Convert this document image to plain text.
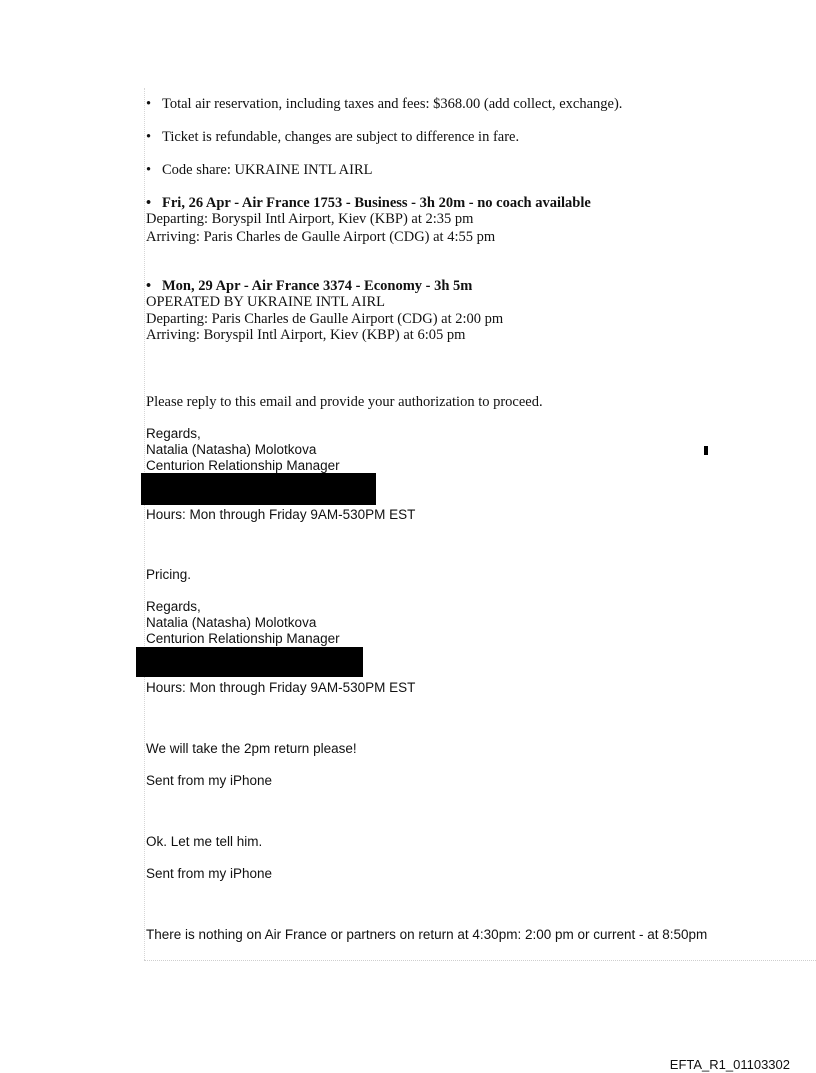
• Total air reservation, including taxes and fees: $368.00 (add collect, exchange).
• Ticket is refundable, changes are subject to difference in fare.
• Code share: UKRAINE INTL AIRL
• Fri, 26 Apr - Air France 1753 - Business - 3h 20m - no coach available
Departing: Boryspil Intl Airport, Kiev (KBP) at 2:35 pm
Arriving: Paris Charles de Gaulle Airport (CDG) at 4:55 pm
• Mon, 29 Apr - Air France 3374 - Economy - 3h 5m
OPERATED BY UKRAINE INTL AIRL
Departing: Paris Charles de Gaulle Airport (CDG) at 2:00 pm
Arriving: Boryspil Intl Airport, Kiev (KBP) at 6:05 pm
Please reply to this email and provide your authorization to proceed.
Regards,
Natalia (Natasha) Molotkova
Centurion Relationship Manager
Hours: Mon through Friday 9AM-530PM EST
Pricing.
Regards,
Natalia (Natasha) Molotkova
Centurion Relationship Manager
Hours: Mon through Friday 9AM-530PM EST
We will take the 2pm return please!
Sent from my iPhone
Ok. Let me tell him.
Sent from my iPhone
There is nothing on Air France or partners on return at 4:30pm: 2:00 pm or current - at 8:50pm
EFTA_R1_01103302
